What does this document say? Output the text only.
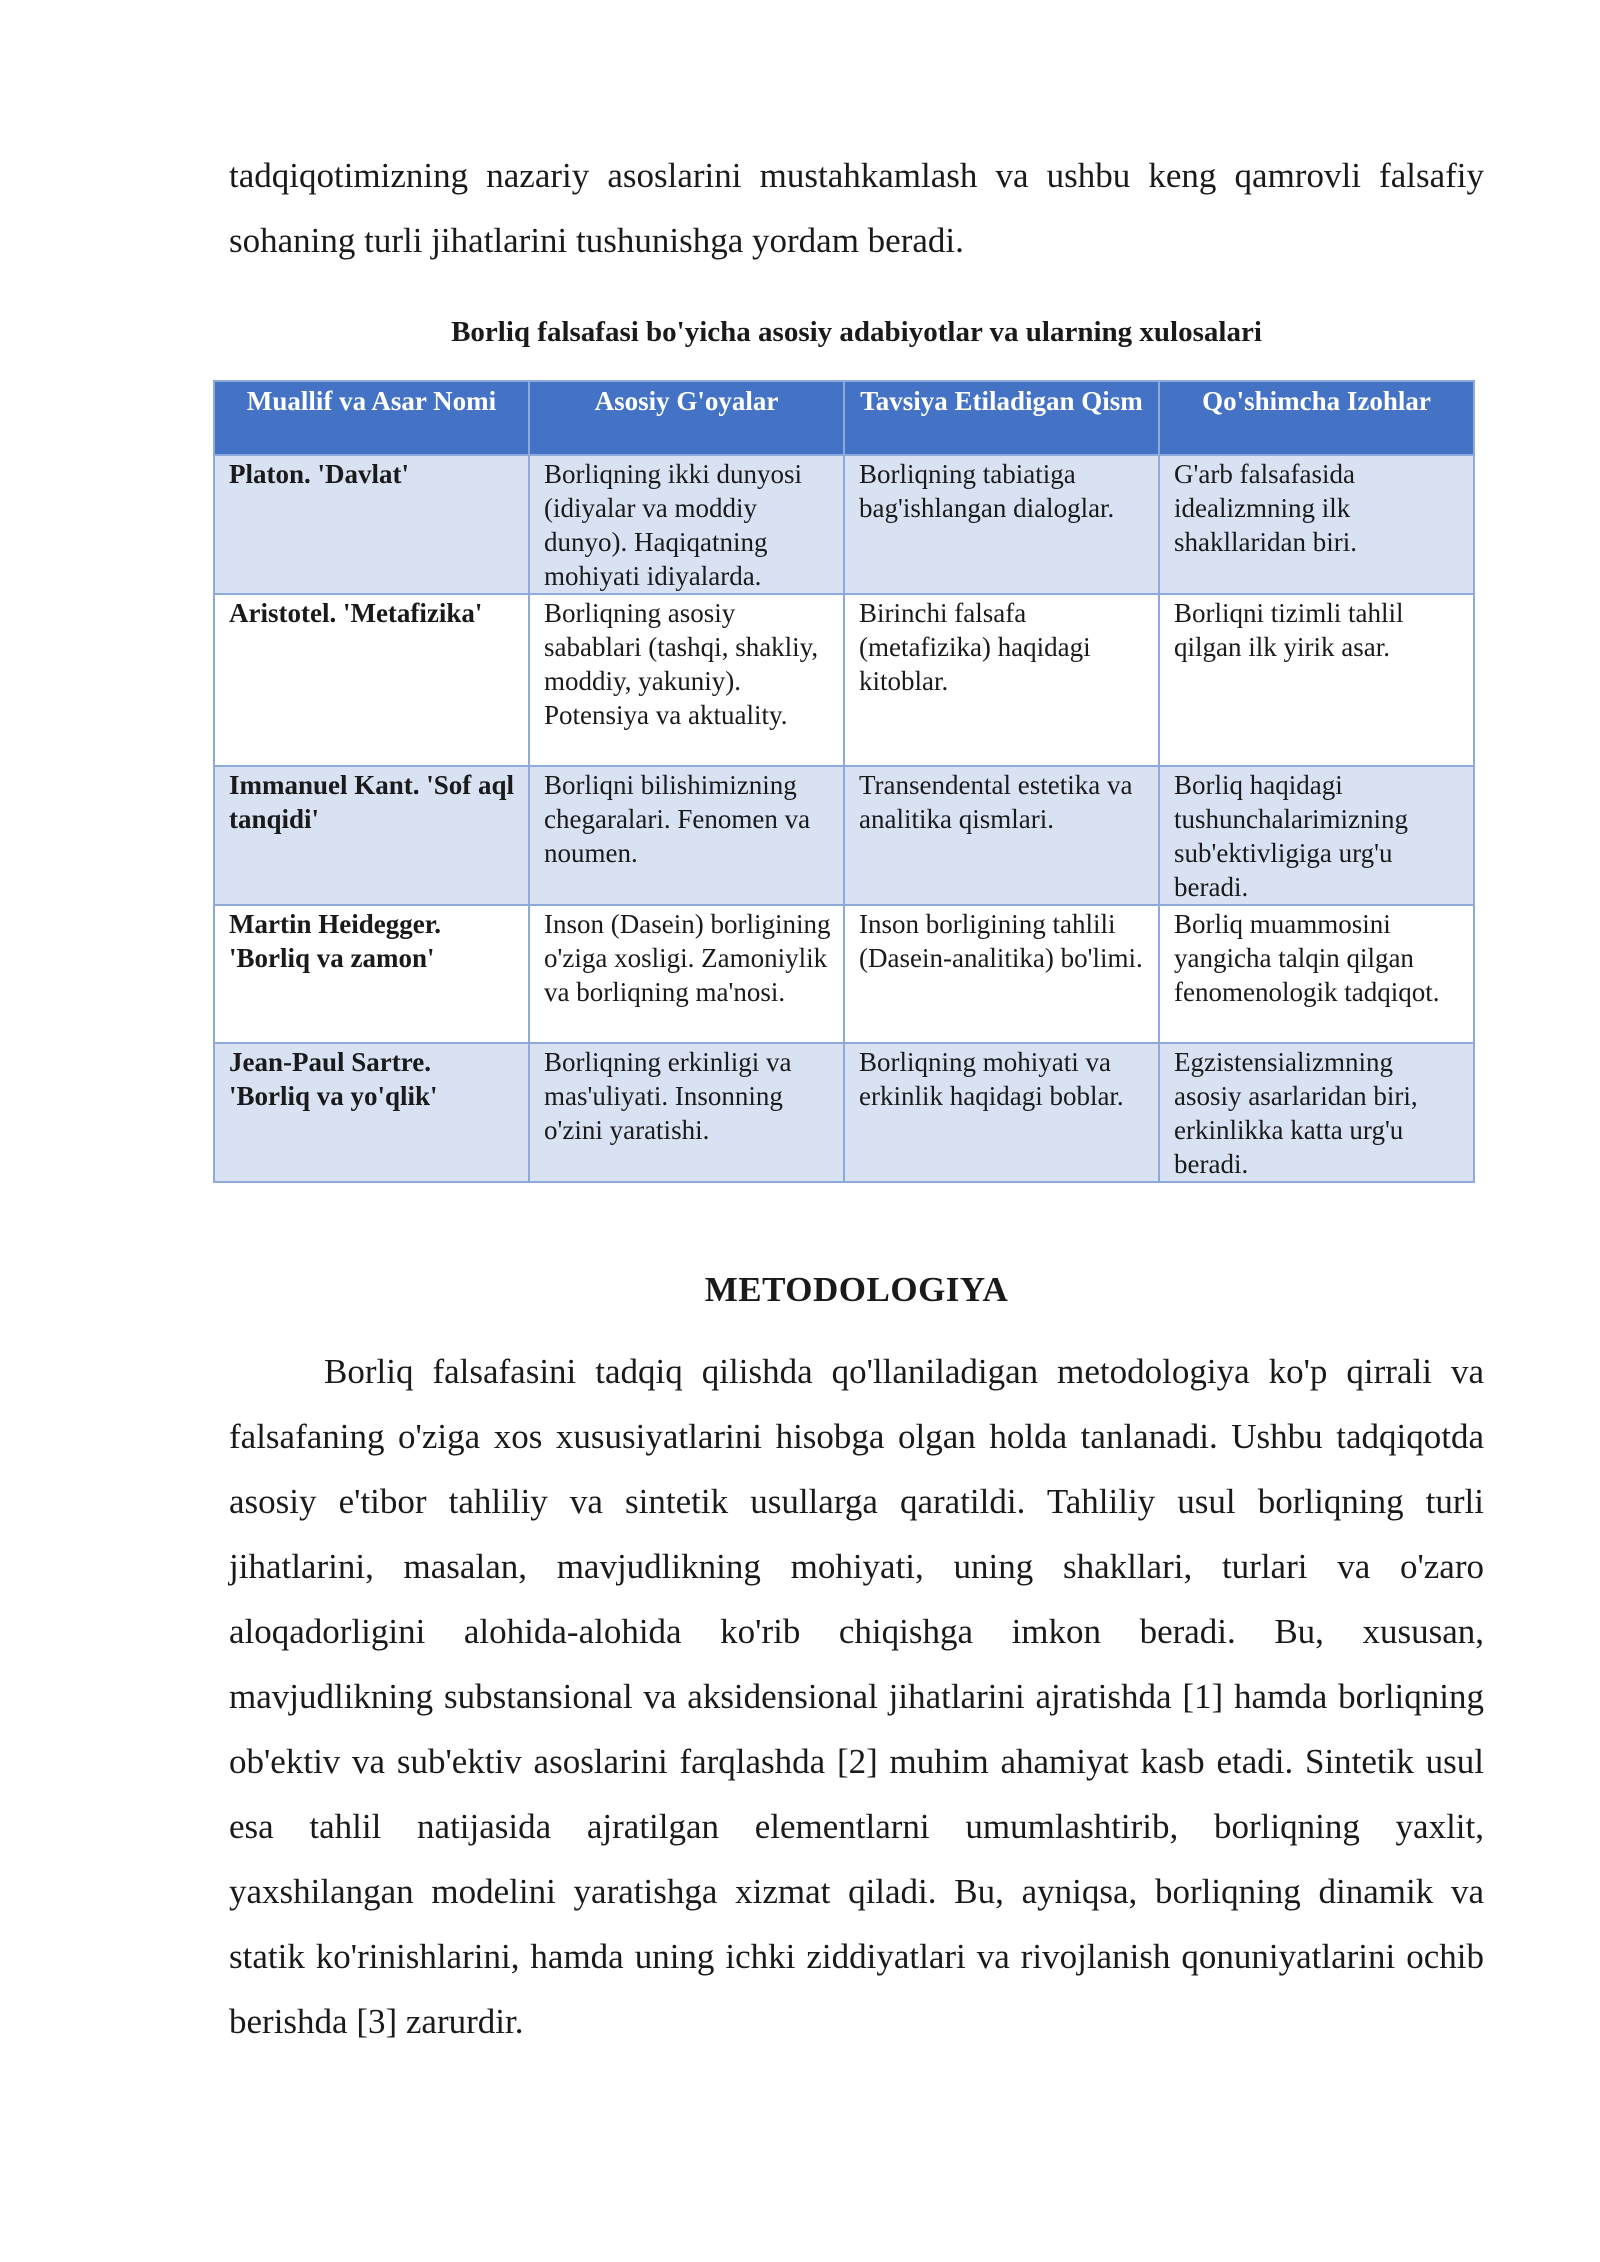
tadqiqotimizning nazariy asoslarini mustahkamlash va ushbu keng qamrovli falsafiy sohaning turli jihatlarini tushunishga yordam beradi.

Borliq falsafasi bo'yicha asosiy adabiyotlar va ularning xulosalari

Muallif va Asar Nomi	Asosiy G'oyalar	Tavsiya Etiladigan Qism	Qo'shimcha Izohlar
Platon. 'Davlat'	Borliqning ikki dunyosi (idiyalar va moddiy dunyo). Haqiqatning mohiyati idiyalarda.	Borliqning tabiatiga bag'ishlangan dialoglar.	G'arb falsafasida idealizmning ilk shakllaridan biri.
Aristotel. 'Metafizika'	Borliqning asosiy sabablari (tashqi, shakliy, moddiy, yakuniy). Potensiya va aktuality.	Birinchi falsafa (metafizika) haqidagi kitoblar.	Borliqni tizimli tahlil qilgan ilk yirik asar.
Immanuel Kant. 'Sof aql tanqidi'	Borliqni bilishimizning chegaralari. Fenomen va noumen.	Transendental estetika va analitika qismlari.	Borliq haqidagi tushunchalarimizning sub'ektivligiga urg'u beradi.
Martin Heidegger. 'Borliq va zamon'	Inson (Dasein) borligining o'ziga xosligi. Zamoniylik va borliqning ma'nosi.	Inson borligining tahlili (Dasein-analitika) bo'limi.	Borliq muammosini yangicha talqin qilgan fenomenologik tadqiqot.
Jean-Paul Sartre. 'Borliq va yo'qlik'	Borliqning erkinligi va mas'uliyati. Insonning o'zini yaratishi.	Borliqning mohiyati va erkinlik haqidagi boblar.	Egzistensializmning asosiy asarlaridan biri, erkinlikka katta urg'u beradi.
METODOLOGIYA

Borliq falsafasini tadqiq qilishda qo'llaniladigan metodologiya ko'p qirrali va falsafaning o'ziga xos xususiyatlarini hisobga olgan holda tanlanadi. Ushbu tadqiqotda asosiy e'tibor tahliliy va sintetik usullarga qaratildi. Tahliliy usul borliqning turli jihatlarini, masalan, mavjudlikning mohiyati, uning shakllari, turlari va o'zaro aloqadorligini alohida-alohida ko'rib chiqishga imkon beradi. Bu, xususan, mavjudlikning substansional va aksidensional jihatlarini ajratishda [1] hamda borliqning ob'ektiv va sub'ektiv asoslarini farqlashda [2] muhim ahamiyat kasb etadi. Sintetik usul esa tahlil natijasida ajratilgan elementlarni umumlashtirib, borliqning yaxlit, yaxshilangan modelini yaratishga xizmat qiladi. Bu, ayniqsa, borliqning dinamik va statik ko'rinishlarini, hamda uning ichki ziddiyatlari va rivojlanish qonuniyatlarini ochib berishda [3] zarurdir.
